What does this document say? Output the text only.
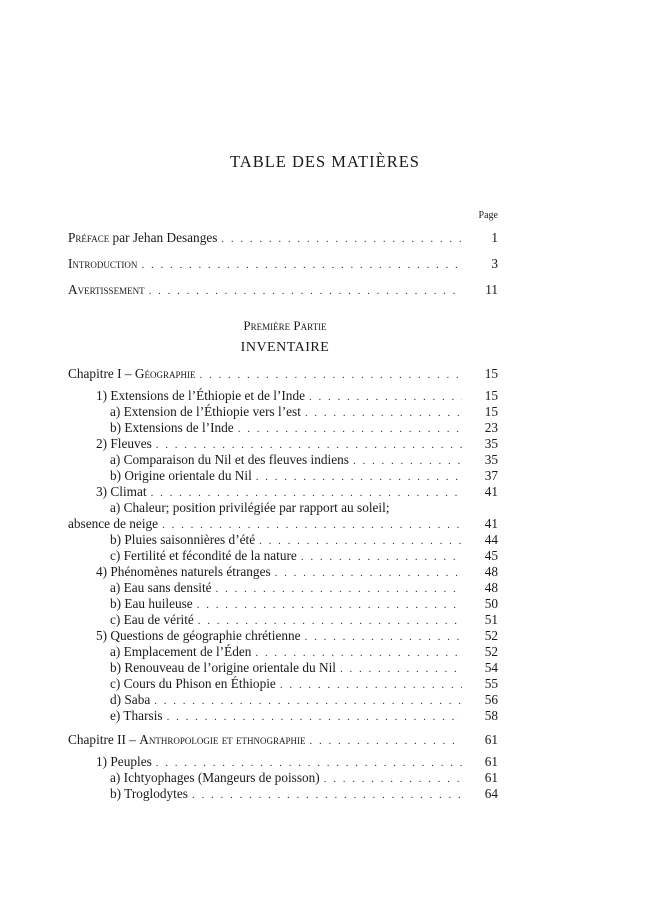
TABLE DES MATIÈRES
Page
Préface par Jehan Desanges . . .	1
Introduction . . .	3
Avertissement . . .	11
Première Partie
INVENTAIRE
Chapitre I – Géographie . . .	15
1) Extensions de l’Éthiopie et de l’Inde . . .	15
a) Extension de l’Éthiopie vers l’est . . .	15
b) Extensions de l’Inde . . .	23
2) Fleuves . . .	35
a) Comparaison du Nil et des fleuves indiens . . .	35
b) Origine orientale du Nil . . .	37
3) Climat . . .	41
a) Chaleur; position privilégiée par rapport au soleil;
absence de neige . . .	41
b) Pluies saisonnières d’été . . .	44
c) Fertilité et fécondité de la nature . . .	45
4) Phénomènes naturels étranges . . .	48
a) Eau sans densité . . .	48
b) Eau huileuse . . .	50
c) Eau de vérité . . .	51
5) Questions de géographie chrétienne . . .	52
a) Emplacement de l’Éden . . .	52
b) Renouveau de l’origine orientale du Nil . . .	54
c) Cours du Phison en Éthiopie . . .	55
d) Saba . . .	56
e) Tharsis . . .	58
Chapitre II – Anthropologie et ethnographie . . .	61
1) Peuples . . .	61
a) Ichtyophages (Mangeurs de poisson) . . .	61
b) Troglodytes . . .	64
